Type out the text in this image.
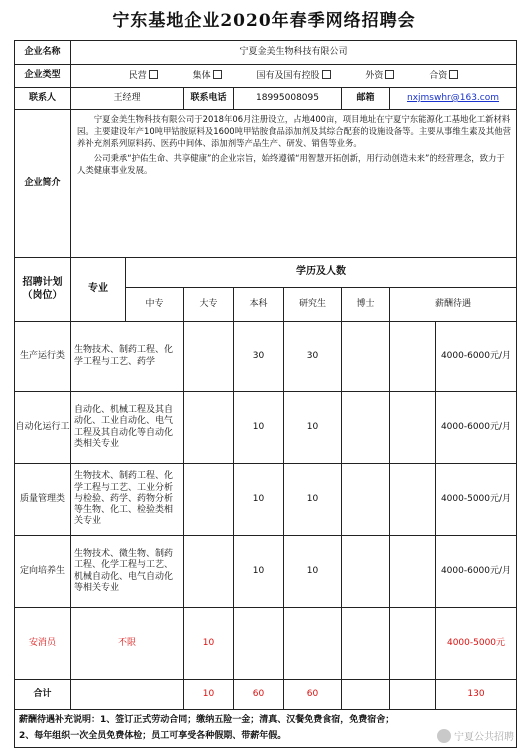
宁东基地企业2020年春季网络招聘会
企业名称	宁夏金美生物科技有限公司							
企业类型	民营 集体 国有及国有控股 外资 合资							
联系人	王经理		联系电话	18995008095		邮箱	nxjmswhr@163.com	
企业简介	宁夏金美生物科技有限公司于2018年06月注册设立，占地400亩，项目地址在宁夏宁东能源化工基地化工新材料园。主要建设年产10吨甲钴胺原料及1600吨甲钴胺食品添加剂及其综合配套的设施设备等。主要从事维生素及其他营养补充剂系列原料药、医药中间体、添加剂等产品生产、研发、销售等业务。

公司秉承“护佑生命、共享健康”的企业宗旨，始终遵循“用智慧开拓创新，用行动创造未来”的经营理念，致力于人类健康事业发展。							

招聘计划（岗位）	专业	学历及人数						
		中专	大专	本科	研究生	博士	薪酬待遇	
生产运行类	生物技术、制药工程、化学工程与工艺、药学			30	30			4000-6000元/月
自动化运行工	自动化、机械工程及其自动化、工业自动化、电气工程及其自动化等自动化类相关专业			10	10			4000-6000元/月
质量管理类	生物技术、制药工程、化学工程与工艺、工业分析与检验、药学、药物分析等生物、化工、检验类相关专业			10	10			4000-5000元/月
定向培养生	生物技术、微生物、制药工程、化学工程与工艺、机械自动化、电气自动化等相关专业			10	10			4000-6000元/月
安消员	不限		10					4000-5000元
合计			10	60	60			130

薪酬待遇补充说明：1、签订正式劳动合同；缴纳五险一金；清真、汉餐免费食宿，免费宿舍；
2、每年组织一次全员免费体检；员工可享受各种假期、带薪年假。									宁夏公共招聘
